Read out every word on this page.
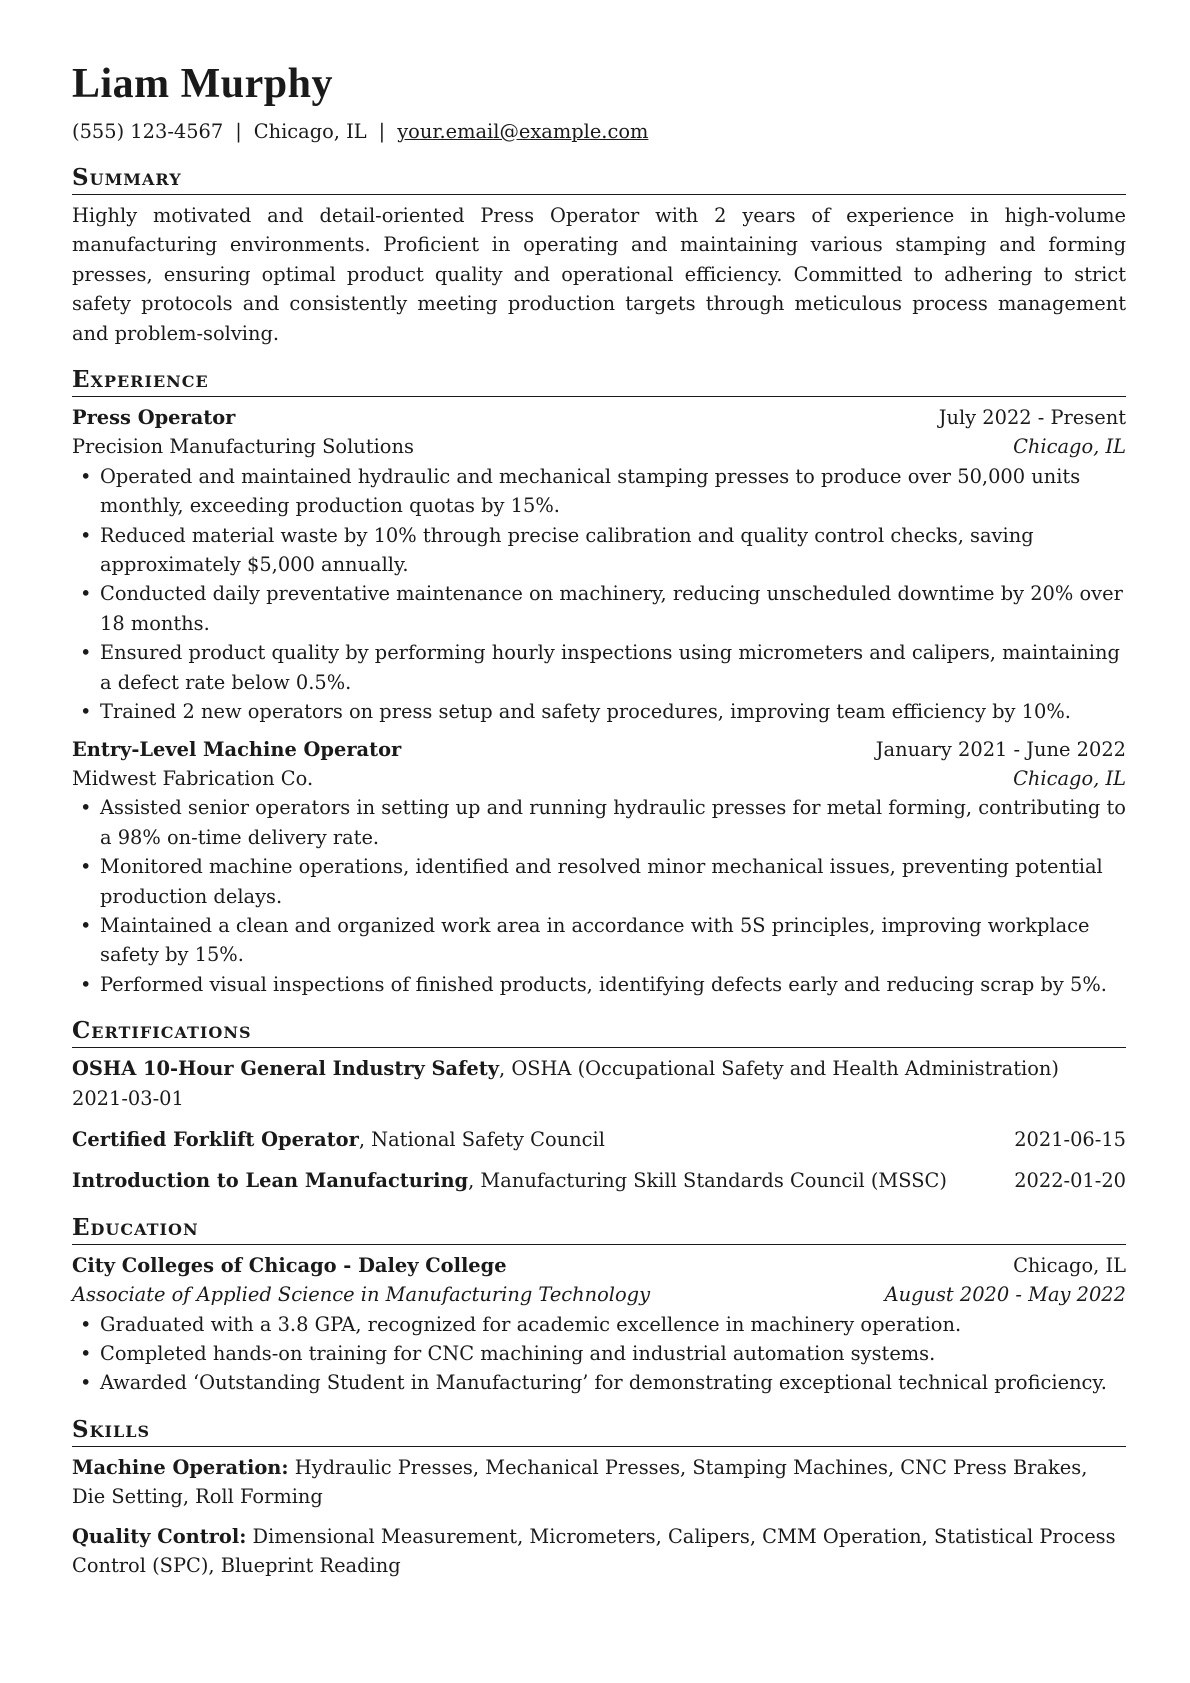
Liam Murphy
(555) 123-4567 | Chicago, IL | your.email@example.com
Summary
Highly motivated and detail-oriented Press Operator with 2 years of experience in high-volume manufacturing environments. Proficient in operating and maintaining various stamping and forming presses, ensuring optimal product quality and operational efficiency. Committed to adhering to strict safety protocols and consistently meeting production targets through meticulous process management and problem-solving.
Experience
Press Operator	July 2022 - Present
Precision Manufacturing Solutions	Chicago, IL
• Operated and maintained hydraulic and mechanical stamping presses to produce over 50,000 units monthly, exceeding production quotas by 15%.
• Reduced material waste by 10% through precise calibration and quality control checks, saving approximately $5,000 annually.
• Conducted daily preventative maintenance on machinery, reducing unscheduled downtime by 20% over 18 months.
• Ensured product quality by performing hourly inspections using micrometers and calipers, maintaining a defect rate below 0.5%.
• Trained 2 new operators on press setup and safety procedures, improving team efficiency by 10%.
Entry-Level Machine Operator	January 2021 - June 2022
Midwest Fabrication Co.	Chicago, IL
• Assisted senior operators in setting up and running hydraulic presses for metal forming, contributing to a 98% on-time delivery rate.
• Monitored machine operations, identified and resolved minor mechanical issues, preventing potential production delays.
• Maintained a clean and organized work area in accordance with 5S principles, improving workplace safety by 15%.
• Performed visual inspections of finished products, identifying defects early and reducing scrap by 5%.
Certifications
OSHA 10-Hour General Industry Safety, OSHA (Occupational Safety and Health Administration)
2021-03-01
Certified Forklift Operator, National Safety Council	2021-06-15
Introduction to Lean Manufacturing, Manufacturing Skill Standards Council (MSSC)	2022-01-20
Education
City Colleges of Chicago - Daley College	Chicago, IL
Associate of Applied Science in Manufacturing Technology	August 2020 - May 2022
• Graduated with a 3.8 GPA, recognized for academic excellence in machinery operation.
• Completed hands-on training for CNC machining and industrial automation systems.
• Awarded ‘Outstanding Student in Manufacturing’ for demonstrating exceptional technical proficiency.
Skills
Machine Operation: Hydraulic Presses, Mechanical Presses, Stamping Machines, CNC Press Brakes, Die Setting, Roll Forming
Quality Control: Dimensional Measurement, Micrometers, Calipers, CMM Operation, Statistical Process Control (SPC), Blueprint Reading
